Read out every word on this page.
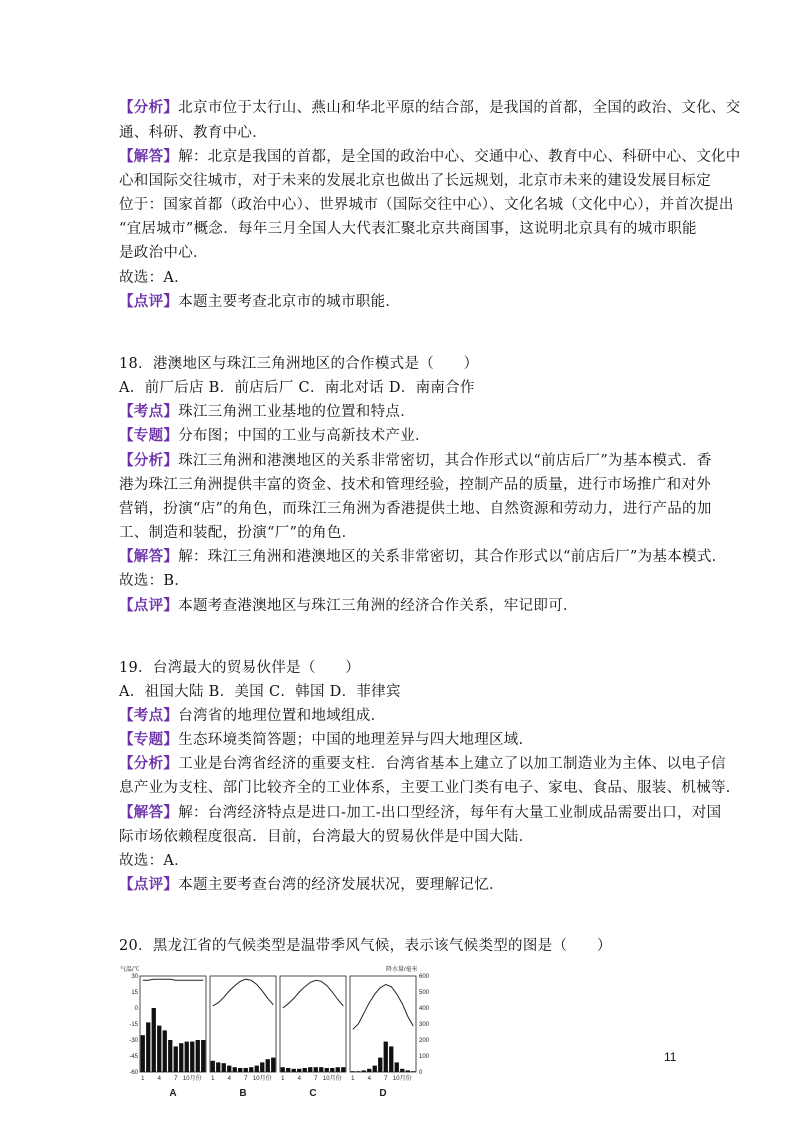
【分析】北京市位于太行山、燕山和华北平原的结合部，是我国的首都，全国的政治、文化、交
通、科研、教育中心．
【解答】解：北京是我国的首都，是全国的政治中心、交通中心、教育中心、科研中心、文化中
心和国际交往城市，对于未来的发展北京也做出了长远规划，北京市未来的建设发展目标定
位于：国家首都（政治中心）、世界城市（国际交往中心）、文化名城（文化中心），并首次提出
“宜居城市”概念．每年三月全国人大代表汇聚北京共商国事，这说明北京具有的城市职能
是政治中心．
故选：A．
【点评】本题主要考查北京市的城市职能．
18．港澳地区与珠江三角洲地区的合作模式是（　　）
A．前厂后店 B．前店后厂 C．南北对话 D．南南合作
【考点】珠江三角洲工业基地的位置和特点．
【专题】分布图；中国的工业与高新技术产业．
【分析】珠江三角洲和港澳地区的关系非常密切，其合作形式以“前店后厂”为基本模式．香
港为珠江三角洲提供丰富的资金、技术和管理经验，控制产品的质量，进行市场推广和对外
营销，扮演“店”的角色，而珠江三角洲为香港提供土地、自然资源和劳动力，进行产品的加
工、制造和装配，扮演“厂”的角色．
【解答】解：珠江三角洲和港澳地区的关系非常密切，其合作形式以“前店后厂”为基本模式．
故选：B．
【点评】本题考查港澳地区与珠江三角洲的经济合作关系，牢记即可．
19．台湾最大的贸易伙伴是（　　）
A．祖国大陆 B．美国 C．韩国 D．菲律宾
【考点】台湾省的地理位置和地域组成．
【专题】生态环境类简答题；中国的地理差异与四大地理区域．
【分析】工业是台湾省经济的重要支柱．台湾省基本上建立了以加工制造业为主体、以电子信
息产业为支柱、部门比较齐全的工业体系，主要工业门类有电子、家电、食品、服装、机械等．
【解答】解：台湾经济特点是进口-加工-出口型经济，每年有大量工业制成品需要出口，对国
际市场依赖程度很高．目前，台湾最大的贸易伙伴是中国大陆．
故选：A．
【点评】本题主要考查台湾的经济发展状况，要理解记忆．
20．黑龙江省的气候类型是温带季风气候，表示该气候类型的图是（　　）
气温/℃
30
15
0
-15
-30
-45
-60
1 4 7 10月份
A
1 4 7 10月份
B
1 4 7 10月份
C
1 4 7 10月份
D
降水量/毫米
600
500
400
300
200
100
0
11
